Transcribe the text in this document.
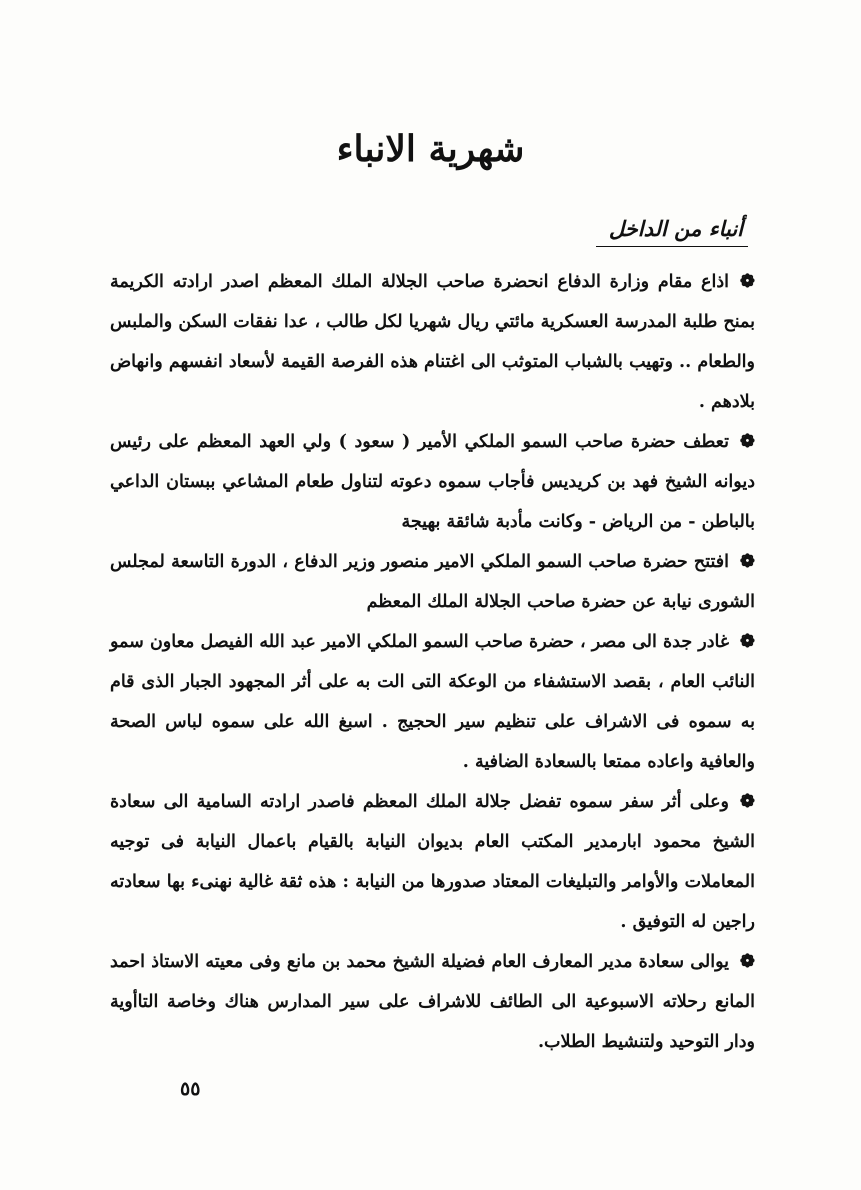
شهرية الانباء
أنباء من الداخل

❁اذاع مقام وزارة الدفاع انحضرة صاحب الجلالة الملك المعظم اصدر ارادته الكريمة بمنح طلبة المدرسة العسكرية مائتي ريال شهريا لكل طالب ، عدا نفقات السكن والملبس والطعام .. وتهيب بالشباب المتوثب الى اغتنام هذه الفرصة القيمة لأسعاد انفسهم وانهاض بلادهم .

❁تعطف حضرة صاحب السمو الملكي الأمير ( سعود ) ولي العهد المعظم على رئيس ديوانه الشيخ فهد بن كريديس فأجاب سموه دعوته لتناول طعام المشاعي ببستان الداعي بالباطن - من الرياض - وكانت مأدبة شائقة بهيجة

❁افتتح حضرة صاحب السمو الملكي الامير منصور وزير الدفاع ، الدورة التاسعة لمجلس الشورى نيابة عن حضرة صاحب الجلالة الملك المعظم

❁غادر جدة الى مصر ، حضرة صاحب السمو الملكي الامير عبد الله الفيصل معاون سمو النائب العام ، بقصد الاستشفاء من الوعكة التى الت به على أثر المجهود الجبار الذى قام به سموه فى الاشراف على تنظيم سير الحجيج . اسبغ الله على سموه لباس الصحة والعافية واعاده ممتعا بالسعادة الضافية .

❁وعلى أثر سفر سموه تفضل جلالة الملك المعظم فاصدر ارادته السامية الى سعادة الشيخ محمود ابارمدير المكتب العام بديوان النيابة بالقيام باعمال النيابة فى توجيه المعاملات والأوامر والتبليغات المعتاد صدورها من النيابة : هذه ثقة غالية نهنىء بها سعادته راجين له التوفيق .

❁يوالى سعادة مدير المعارف العام فضيلة الشيخ محمد بن مانع وفى معيته الاستاذ احمد المانع رحلاته الاسبوعية الى الطائف للاشراف على سير المدارس هناك وخاصة التاأوية ودار التوحيد ولتنشيط الطلاب.

٥٥
